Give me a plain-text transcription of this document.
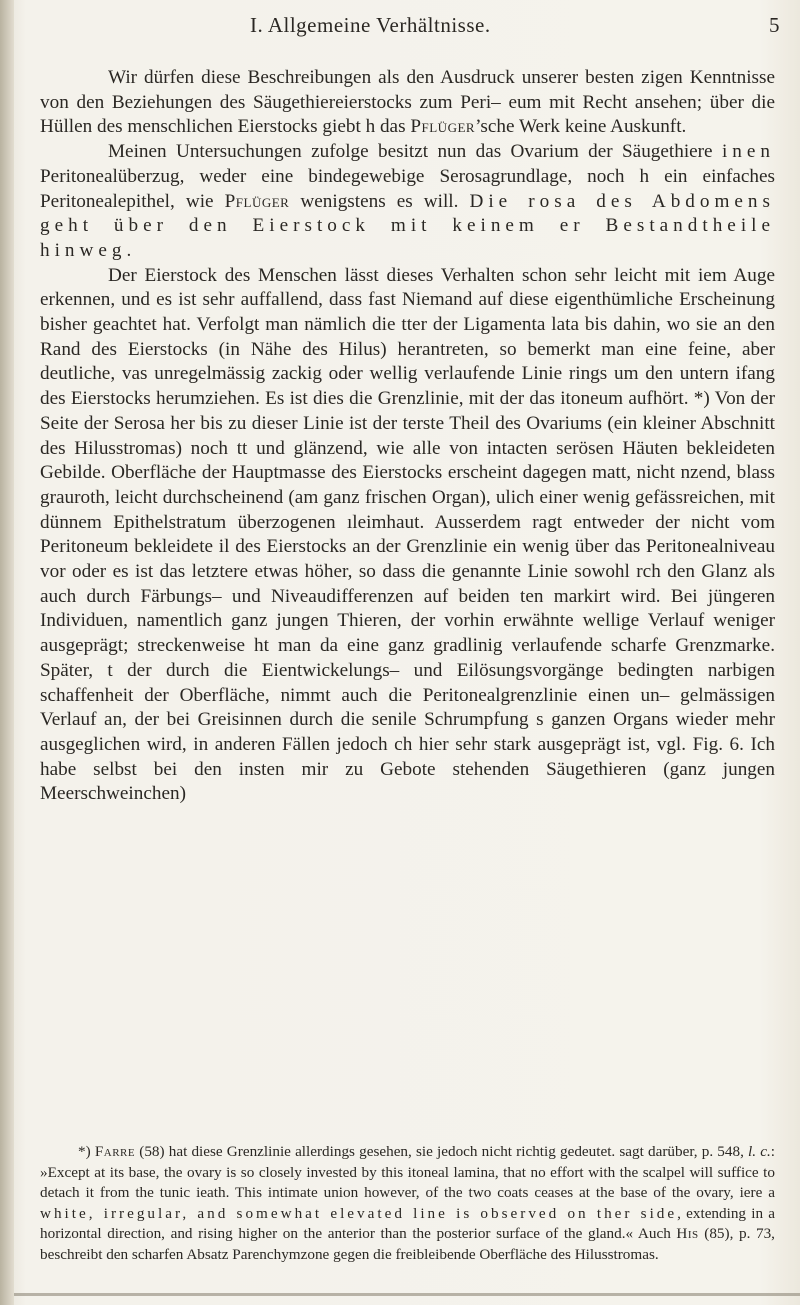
I. Allgemeine Verhältnisse.	5

Wir dürfen diese Beschreibungen als den Ausdruck unserer besten zigen Kenntnisse von den Beziehungen des Säugethiereierstocks zum Peri– eum mit Recht ansehen; über die Hüllen des menschlichen Eierstocks giebt h das Pflüger’sche Werk keine Auskunft.

Meinen Untersuchungen zufolge besitzt nun das Ovarium der Säugethiere inen Peritonealüberzug, weder eine bindegewebige Serosagrundlage, noch h ein einfaches Peritonealepithel, wie Pflüger wenigstens es will. Die rosa des Abdomens geht über den Eierstock mit keinem er Bestandtheile hinweg.

Der Eierstock des Menschen lässt dieses Verhalten schon sehr leicht mit iem Auge erkennen, und es ist sehr auffallend, dass fast Niemand auf diese eigenthümliche Erscheinung bisher geachtet hat. Verfolgt man nämlich die tter der Ligamenta lata bis dahin, wo sie an den Rand des Eierstocks (in Nähe des Hilus) herantreten, so bemerkt man eine feine, aber deutliche, vas unregelmässig zackig oder wellig verlaufende Linie rings um den untern ifang des Eierstocks herumziehen. Es ist dies die Grenzlinie, mit der das itoneum aufhört. *) Von der Seite der Serosa her bis zu dieser Linie ist der terste Theil des Ovariums (ein kleiner Abschnitt des Hilusstromas) noch tt und glänzend, wie alle von intacten serösen Häuten bekleideten Gebilde. Oberfläche der Hauptmasse des Eierstocks erscheint dagegen matt, nicht nzend, blass grauroth, leicht durchscheinend (am ganz frischen Organ), ulich einer wenig gefässreichen, mit dünnem Epithelstratum überzogenen ıleimhaut. Ausserdem ragt entweder der nicht vom Peritoneum bekleidete il des Eierstocks an der Grenzlinie ein wenig über das Peritonealniveau vor oder es ist das letztere etwas höher, so dass die genannte Linie sowohl rch den Glanz als auch durch Färbungs– und Niveaudifferenzen auf beiden ten markirt wird. Bei jüngeren Individuen, namentlich ganz jungen Thieren, der vorhin erwähnte wellige Verlauf weniger ausgeprägt; streckenweise ht man da eine ganz gradlinig verlaufende scharfe Grenzmarke. Später, t der durch die Eientwickelungs– und Eilösungsvorgänge bedingten narbigen schaffenheit der Oberfläche, nimmt auch die Peritonealgrenzlinie einen un– gelmässigen Verlauf an, der bei Greisinnen durch die senile Schrumpfung s ganzen Organs wieder mehr ausgeglichen wird, in anderen Fällen jedoch ch hier sehr stark ausgeprägt ist, vgl. Fig. 6. Ich habe selbst bei den insten mir zu Gebote stehenden Säugethieren (ganz jungen Meerschweinchen)

*) Farre (58) hat diese Grenzlinie allerdings gesehen, sie jedoch nicht richtig gedeutet. sagt darüber, p. 548, l. c.: »Except at its base, the ovary is so closely invested by this itoneal lamina, that no effort with the scalpel will suffice to detach it from the tunic ieath. This intimate union however, of the two coats ceases at the base of the ovary, iere a white, irregular, and somewhat elevated line is observed on ther side, extending in a horizontal direction, and rising higher on the anterior than the posterior surface of the gland.« Auch His (85), p. 73, beschreibt den scharfen Absatz Parenchymzone gegen die freibleibende Oberfläche des Hilusstromas.
